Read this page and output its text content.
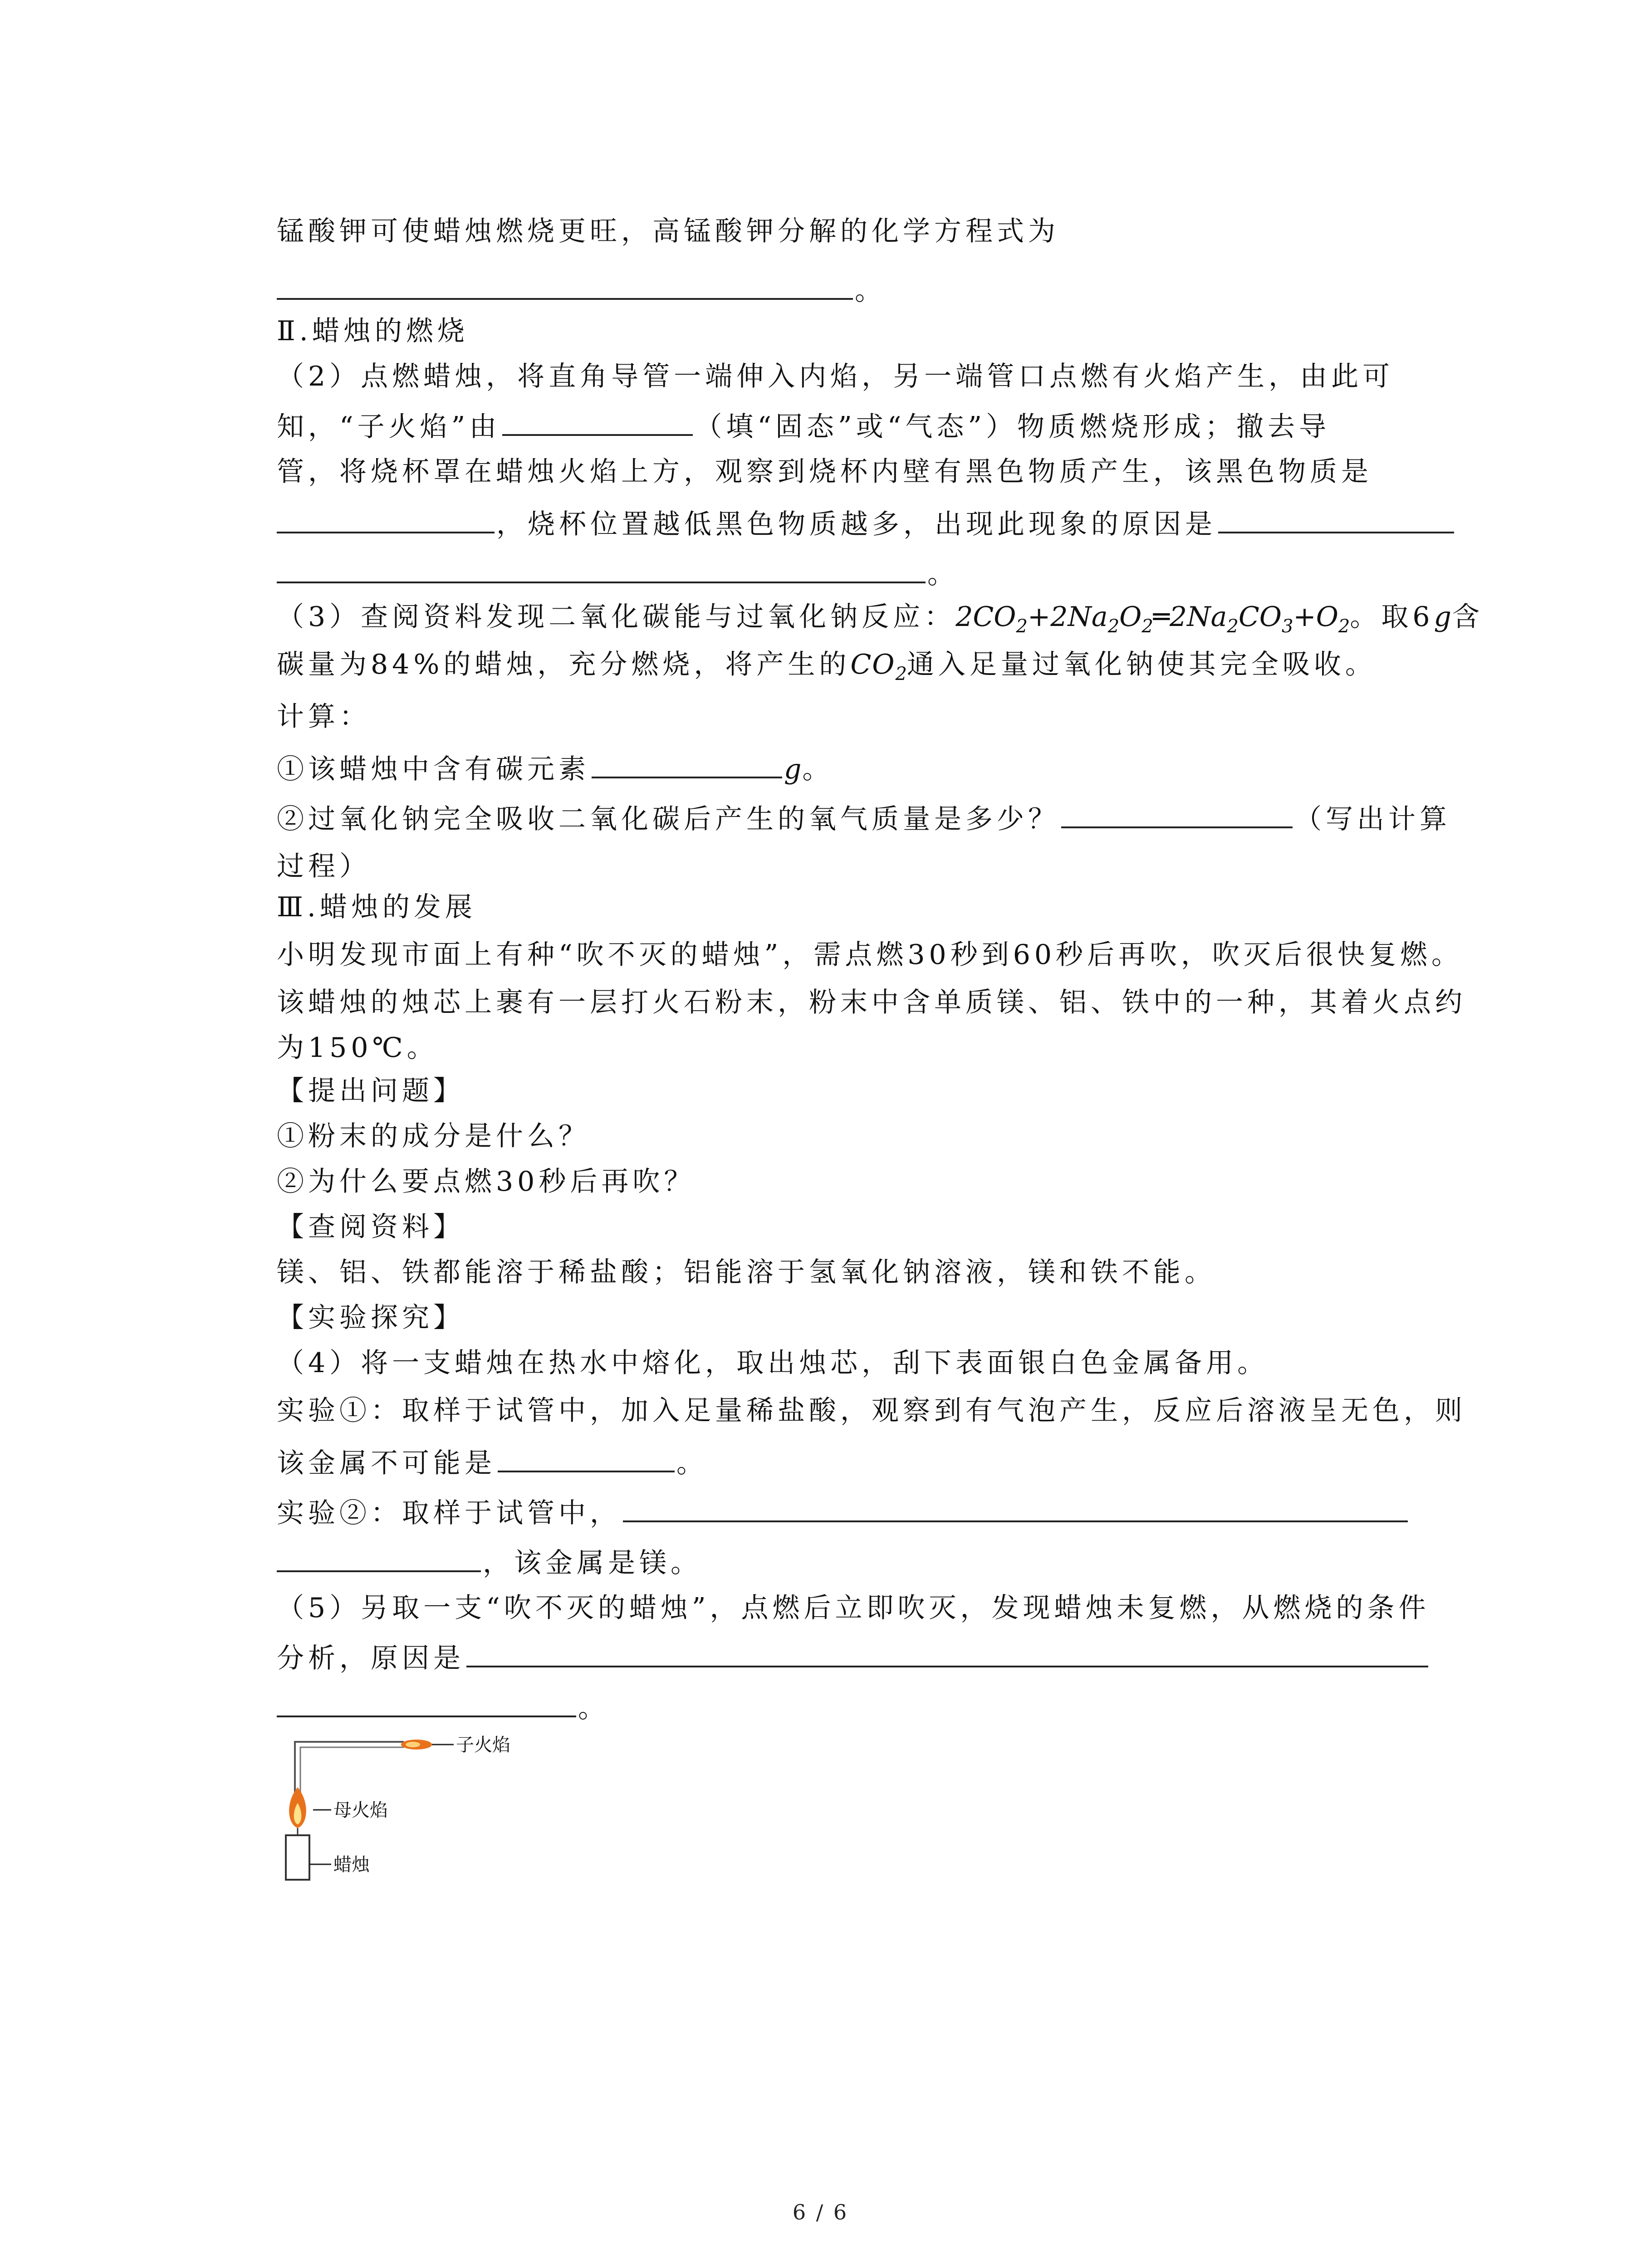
锰酸钾可使蜡烛燃烧更旺，高锰酸钾分解的化学方程式为
。
Ⅱ.蜡烛的燃烧
（2）点燃蜡烛，将直角导管一端伸入内焰，另一端管口点燃有火焰产生，由此可
知，“子火焰”由	（填“固态”或“气态”）物质燃烧形成；撤去导
管，将烧杯罩在蜡烛火焰上方，观察到烧杯内壁有黑色物质产生，该黑色物质是
，烧杯位置越低黑色物质越多，出现此现象的原因是
。
（3）查阅资料发现二氧化碳能与过氧化钠反应：$2CO_2+2Na_2O_2═2Na_2CO_3+O_2$。取6g含
碳量为84%的蜡烛，充分燃烧，将产生的$CO_2$通入足量过氧化钠使其完全吸收。
计算：
①该蜡烛中含有碳元素	g。
②过氧化钠完全吸收二氧化碳后产生的氧气质量是多少？	（写出计算
过程）
Ⅲ.蜡烛的发展
小明发现市面上有种“吹不灭的蜡烛”，需点燃30秒到60秒后再吹，吹灭后很快复燃。
该蜡烛的烛芯上裹有一层打火石粉末，粉末中含单质镁、铝、铁中的一种，其着火点约
为150℃。
【提出问题】
①粉末的成分是什么？
②为什么要点燃30秒后再吹？
【查阅资料】
镁、铝、铁都能溶于稀盐酸；铝能溶于氢氧化钠溶液，镁和铁不能。
【实验探究】
（4）将一支蜡烛在热水中熔化，取出烛芯，刮下表面银白色金属备用。
实验①：取样于试管中，加入足量稀盐酸，观察到有气泡产生，反应后溶液呈无色，则
该金属不可能是	。
实验②：取样于试管中，
，该金属是镁。
（5）另取一支“吹不灭的蜡烛”，点燃后立即吹灭，发现蜡烛未复燃，从燃烧的条件
分析，原因是
。
子火焰
母火焰
蜡烛
6 / 6
